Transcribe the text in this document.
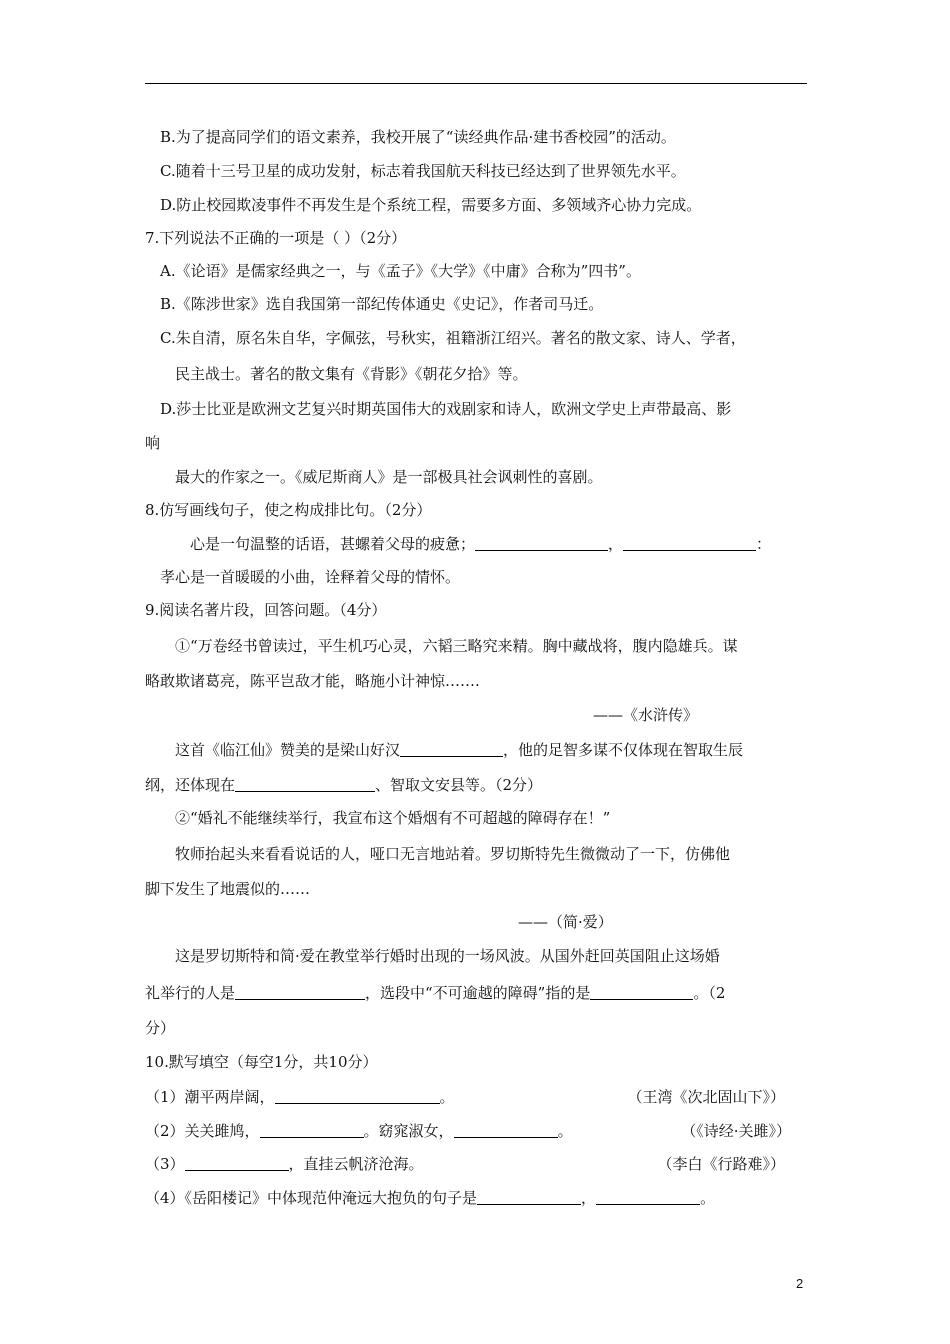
B.为了提高同学们的语文素养，我校开展了“读经典作品·建书香校园”的活动。
C.随着十三号卫星的成功发射，标志着我国航天科技已经达到了世界领先水平。
D.防止校园欺凌事件不再发生是个系统工程，需要多方面、多领域齐心协力完成。
7.下列说法不正确的一项是（ ）（2分）
A.《论语》是儒家经典之一，与《孟子》《大学》《中庸》合称为”四书”。
B.《陈涉世家》选自我国第一部纪传体通史《史记》，作者司马迁。
C.朱自清，原名朱自华，字佩弦，号秋实，祖籍浙江绍兴。著名的散文家、诗人、学者，
民主战士。著名的散文集有《背影》《朝花夕拾》等。
D.莎士比亚是欧洲文艺复兴时期英国伟大的戏剧家和诗人，欧洲文学史上声带最高、影
响
最大的作家之一。《威尼斯商人》是一部极具社会讽刺性的喜剧。
8.仿写画线句子，使之构成排比句。（2分）
心是一句温整的话语，甚螺着父母的疲惫；	，	：
孝心是一首暖暖的小曲，诠释着父母的情怀。
9.阅读名著片段，回答问题。（4分）
①“万卷经书曾读过，平生机巧心灵，六韬三略究来精。胸中藏战将，腹内隐雄兵。谋
略敢欺诸葛亮，陈平岂敌才能，略施小计神惊…….
——《水浒传》
这首《临江仙》赞美的是梁山好汉	，他的足智多谋不仅体现在智取生辰
纲，还体现在	、智取文安县等。（2分）
②“婚礼不能继续举行，我宣布这个婚烟有不可超越的障碍存在！”
牧师抬起头来看看说话的人，哑口无言地站着。罗切斯特先生微微动了一下，仿佛他
脚下发生了地震似的……
——（简·爱）
这是罗切斯特和简·爱在教堂举行婚时出现的一场风波。从国外赶回英国阻止这场婚
礼举行的人是	，选段中“不可逾越的障碍”指的是	。（2
分）
10.默写填空（每空1分，共10分）
（1）潮平两岸阔，	。	（王湾《次北固山下》）
（2）关关雎鸠，	。窈窕淑女，	。	（《诗经·关雎》）
（3）	，直挂云帆济沧海。	（李白《行路难》）
（4）《岳阳楼记》中体现范仲淹远大抱负的句子是	，	。
2
